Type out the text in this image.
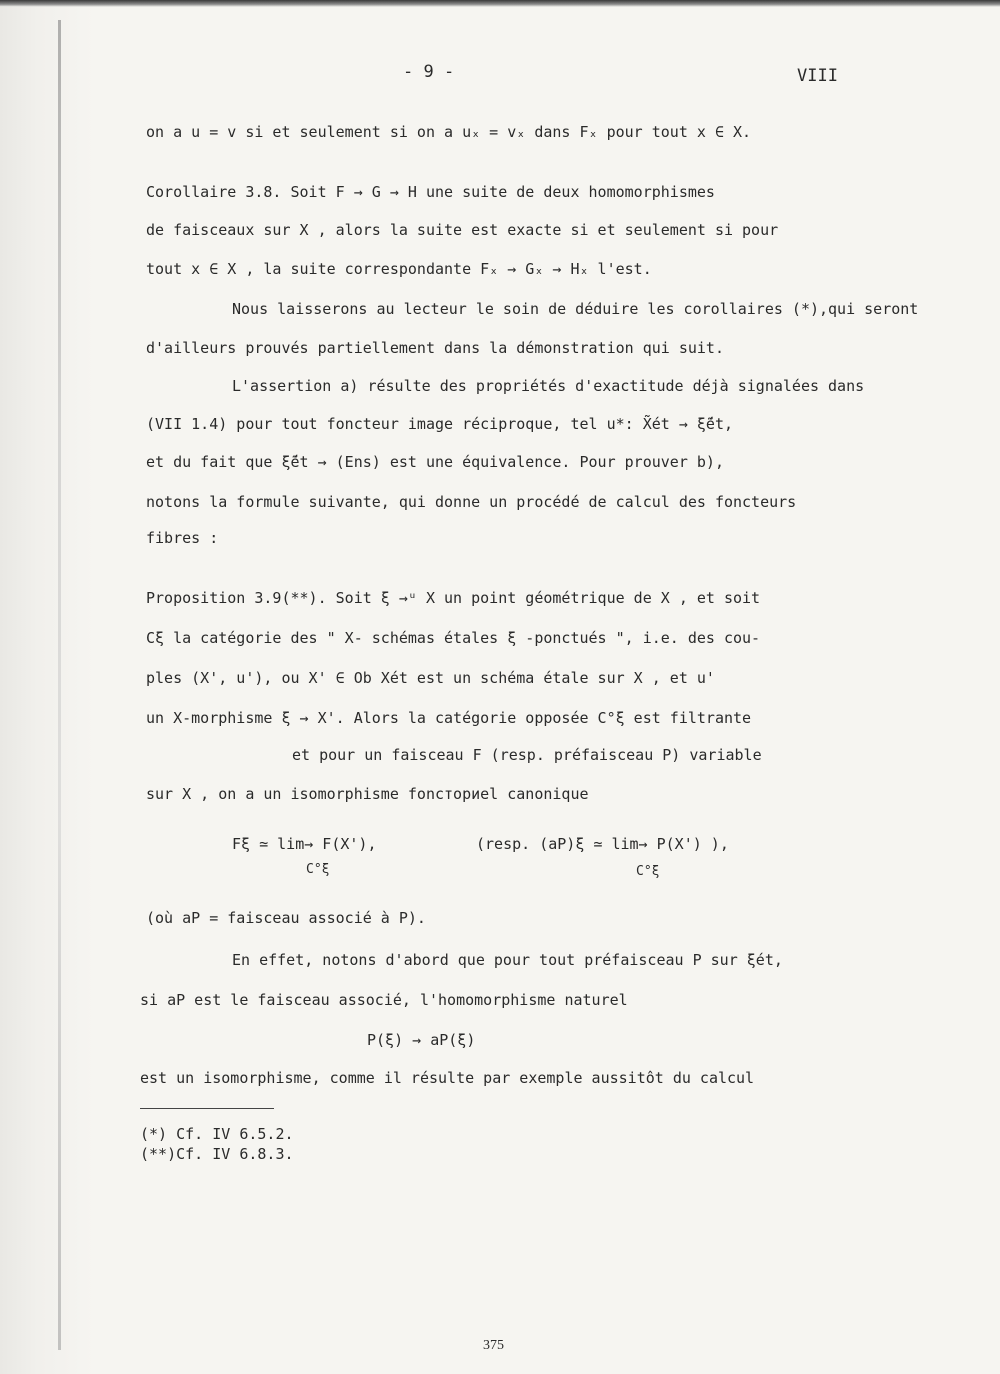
- 9 -	VIII
on a u = v si et seulement si on a uₓ = vₓ dans Fₓ pour tout x ∈ X.
Corollaire 3.8. Soit F → G → H une suite de deux homomorphismes
de faisceaux sur X , alors la suite est exacte si et seulement si pour
tout x ∈ X , la suite correspondante Fₓ → Gₓ → Hₓ l'est.
Nous laisserons au lecteur le soin de déduire les corollaires (*),qui seront
d'ailleurs prouvés partiellement dans la démonstration qui suit.
L'assertion a) résulte des propriétés d'exactitude déjà signalées dans
(VII 1.4) pour tout foncteur image réciproque, tel u*: X̃ét → ξ̃ét,
et du fait que ξ̃ét → (Ens) est une équivalence. Pour prouver b),
notons la formule suivante, qui donne un procédé de calcul des foncteurs
fibres :
Proposition 3.9(**). Soit ξ →ᵘ X un point géométrique de X , et soit
Cξ la catégorie des " X- schémas étales ξ -ponctués ", i.e. des cou-
ples (X', u'), ou X' ∈ Ob Xét est un schéma étale sur X , et u'
un X-morphisme ξ → X'. Alors la catégorie opposée C°ξ est filtrante
et pour un faisceau F (resp. préfaisceau P) variable
sur X , on a un isomorphisme foncториel canonique
Fξ ≃ lim→ F(X'),
C°ξ
(resp. (aP)ξ ≃ lim→ P(X') ),
C°ξ
(où aP = faisceau associé à P).
En effet, notons d'abord que pour tout préfaisceau P sur ξét,
si aP est le faisceau associé, l'homomorphisme naturel
P(ξ) → aP(ξ)
est un isomorphisme, comme il résulte par exemple aussitôt du calcul
(*) Cf. IV 6.5.2.
(**)Cf. IV 6.8.3.
375
